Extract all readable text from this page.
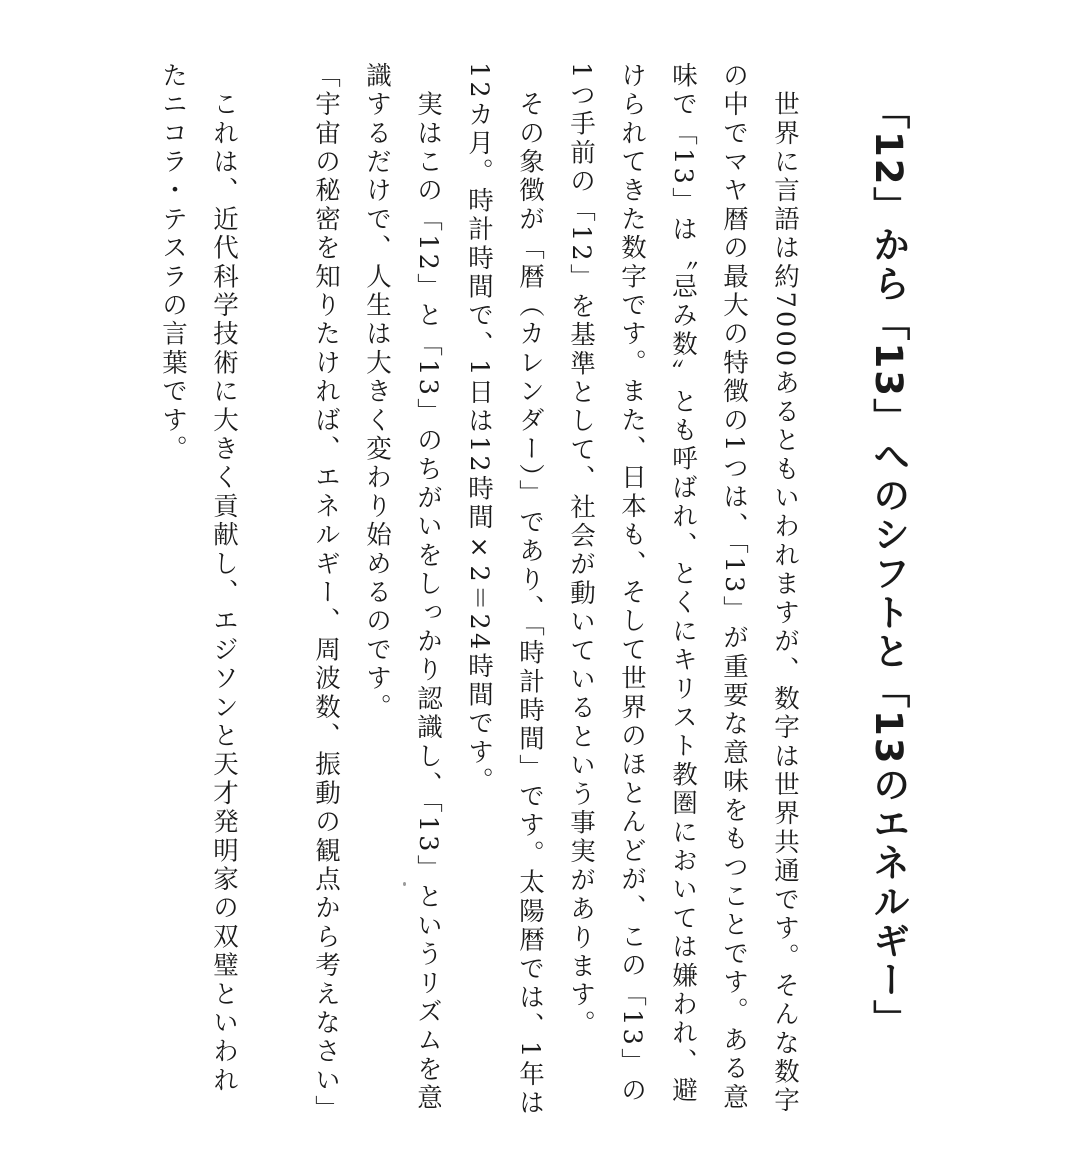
「12」から「13」へのシフトと「13のエネルギー」

　世界に言語は約7000あるともいわれますが、数字は世界共通です。そんな数字の中でマヤ暦の最大の特徴の1つは、「13」が重要な意味をもつことです。ある意味で「13」は〝忌み数〟とも呼ばれ、とくにキリスト教圏においては嫌われ、避けられてきた数字です。また、日本も、そして世界のほとんどが、この「13」の1つ手前の「12」を基準として、社会が動いているという事実があります。

　その象徴が「暦（カレンダー）」であり、「時計時間」です。太陽暦では、1年は12カ月。時計時間で、1日は12時間×2＝24時間です。

　実はこの「12」と「13」のちがいをしっかり認識し、「13」というリズムを意識するだけで、人生は大きく変わり始めるのです。

「宇宙の秘密を知りたければ、エネルギー、周波数、振動の観点から考えなさい」

　これは、近代科学技術に大きく貢献し、エジソンと天才発明家の双璧といわれたニコラ・テスラの言葉です。
